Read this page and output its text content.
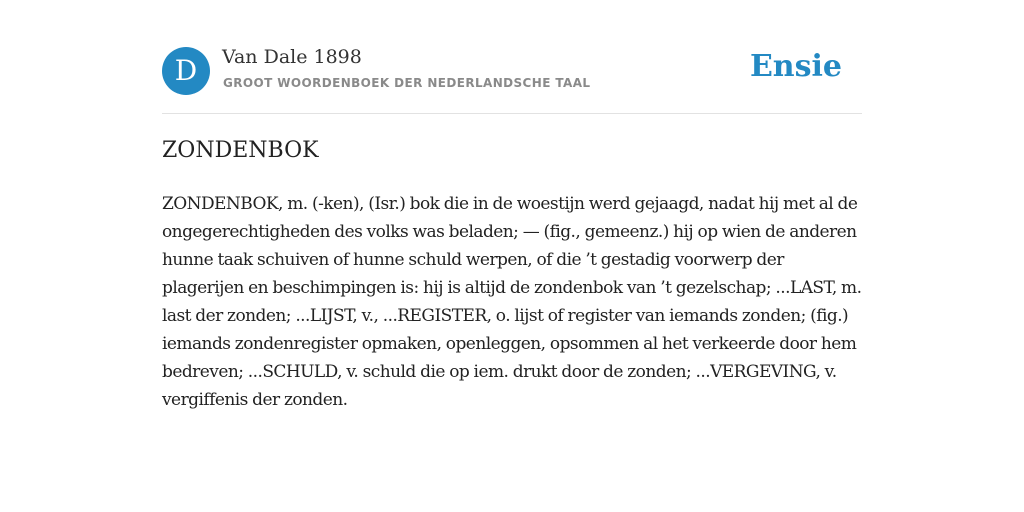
D	Van Dale 1898
GROOT WOORDENBOEK DER NEDERLANDSCHE TAAL	Ensie
ZONDENBOK

ZONDENBOK, m. (-ken), (Isr.) bok die in de woestijn werd gejaagd, nadat hij met al de ongegerechtigheden des volks was beladen; — (fig., gemeenz.) hij op wien de anderen hunne taak schuiven of hunne schuld werpen, of die ’t gestadig voorwerp der plagerijen en beschimpingen is: hij is altijd de zondenbok van ’t gezelschap; ...LAST, m. last der zonden; ...LIJST, v., ...REGISTER, o. lijst of register van iemands zonden; (fig.) iemands zondenregister opmaken, openleggen, opsommen al het verkeerde door hem bedreven; ...SCHULD, v. schuld die op iem. drukt door de zonden; ...VERGEVING, v. vergiffenis der zonden.
